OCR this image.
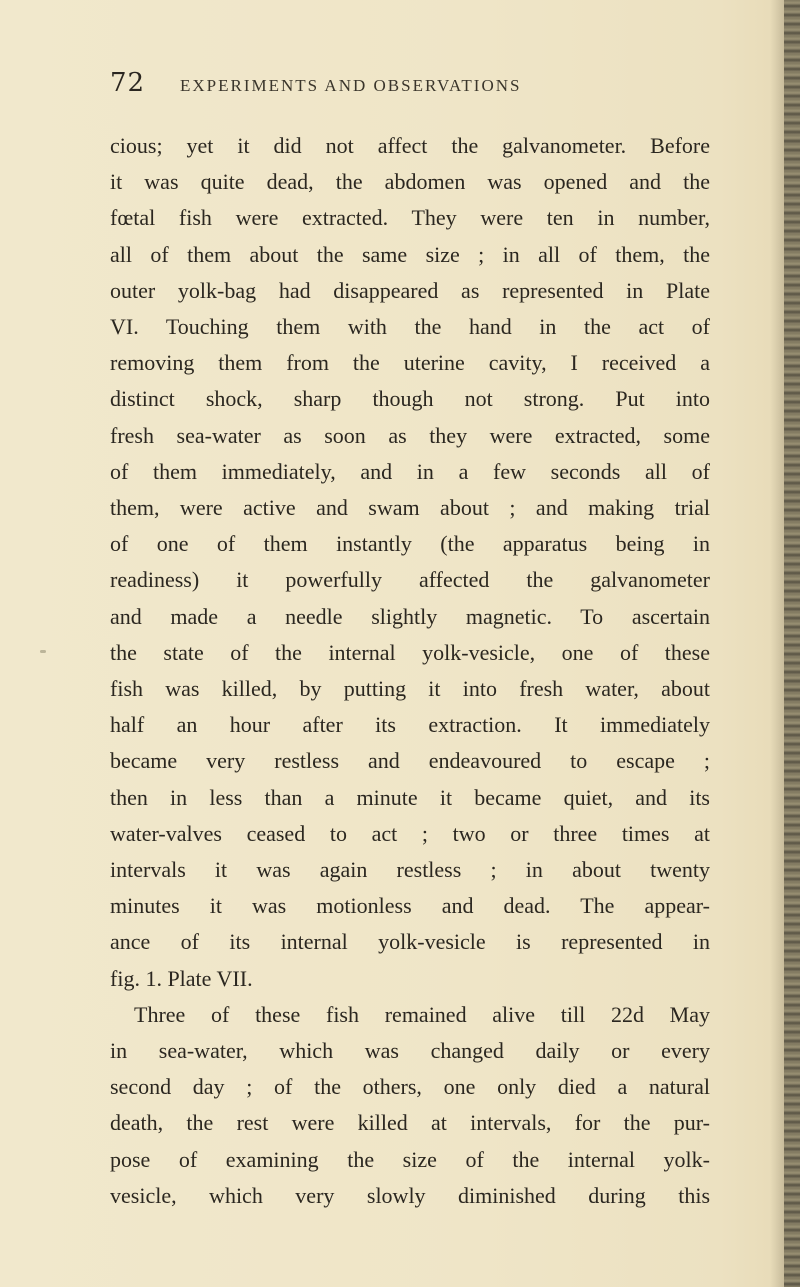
72 EXPERIMENTS AND OBSERVATIONS
cious; yet it did not affect the galvanometer. Before
it was quite dead, the abdomen was opened and the
fœtal fish were extracted. They were ten in number,
all of them about the same size ; in all of them, the
outer yolk-bag had disappeared as represented in Plate
VI. Touching them with the hand in the act of
removing them from the uterine cavity, I received a
distinct shock, sharp though not strong. Put into
fresh sea-water as soon as they were extracted, some
of them immediately, and in a few seconds all of
them, were active and swam about ; and making trial
of one of them instantly (the apparatus being in
readiness) it powerfully affected the galvanometer
and made a needle slightly magnetic. To ascertain
the state of the internal yolk-vesicle, one of these
fish was killed, by putting it into fresh water, about
half an hour after its extraction. It immediately
became very restless and endeavoured to escape ;
then in less than a minute it became quiet, and its
water-valves ceased to act ; two or three times at
intervals it was again restless ; in about twenty
minutes it was motionless and dead. The appear-
ance of its internal yolk-vesicle is represented in
fig. 1. Plate VII.
Three of these fish remained alive till 22d May
in sea-water, which was changed daily or every
second day ; of the others, one only died a natural
death, the rest were killed at intervals, for the pur-
pose of examining the size of the internal yolk-
vesicle, which very slowly diminished during this
